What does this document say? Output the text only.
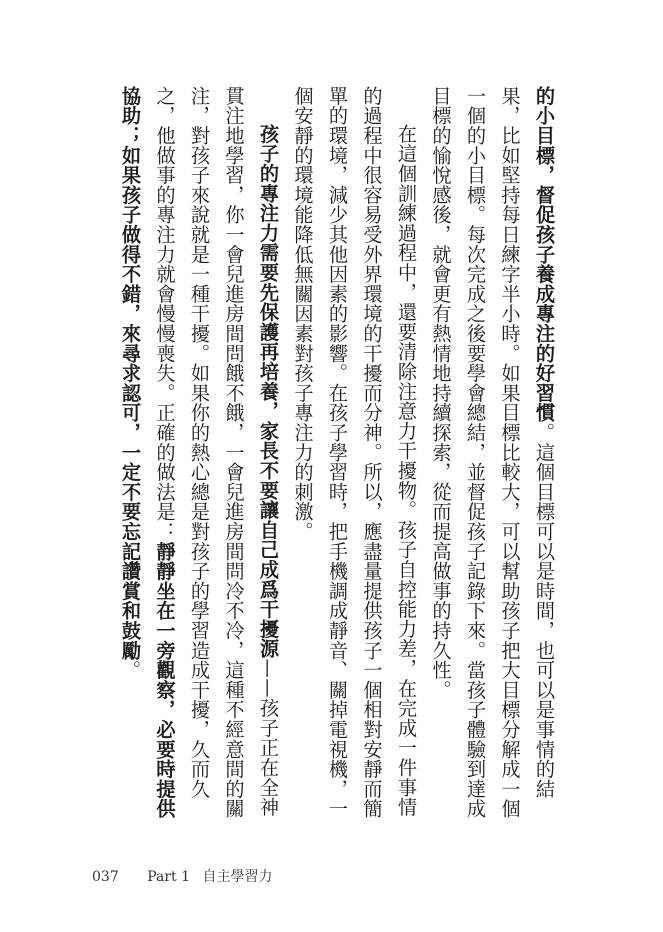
的小目標，督促孩子養成專注的好習慣。這個目標可以是時間，也可以是事情的結果，比如堅持每日練字半小時。如果目標比較大，可以幫助孩子把大目標分解成一個一個的小目標。每次完成之後要學會總結，並督促孩子記錄下來。當孩子體驗到達成目標的愉悅感後，就會更有熱情地持續探索，從而提高做事的持久性。

在這個訓練過程中，還要清除注意力干擾物。孩子自控能力差，在完成一件事情的過程中很容易受外界環境的干擾而分神。所以，應盡量提供孩子一個相對安靜而簡單的環境，減少其他因素的影響。在孩子學習時，把手機調成靜音、關掉電視機，一個安靜的環境能降低無關因素對孩子專注力的刺激。

孩子的專注力需要先保護再培養，家長不要讓自己成爲干擾源——孩子正在全神貫注地學習，你一會兒進房間問餓不餓，一會兒進房間問冷不冷，這種不經意間的關注，對孩子來說就是一種干擾。如果你的熱心總是對孩子的學習造成干擾，久而久之，他做事的專注力就會慢慢喪失。正確的做法是：靜靜坐在一旁觀察，必要時提供協助；如果孩子做得不錯，來尋求認可，一定不要忘記讚賞和鼓勵。

037 Part 1 自主學習力
